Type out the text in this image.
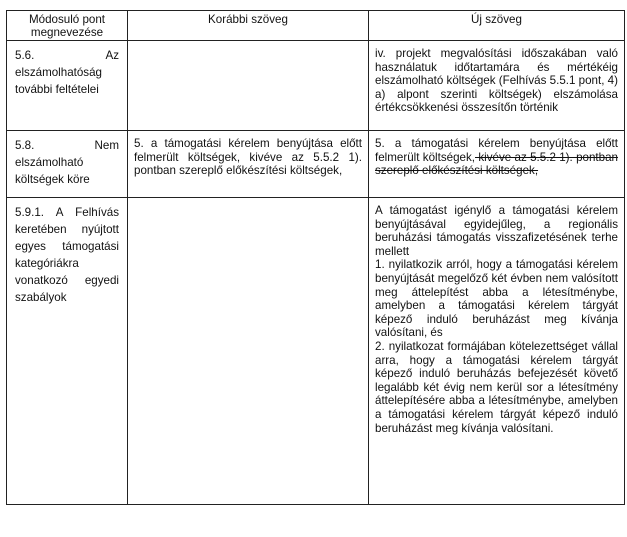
Módosuló pont megnevezése	Korábbi szöveg	Új szöveg
5.6. Az elszámolhatóság további feltételei		iv. projekt megvalósítási időszakában való használatuk időtartamára és mértékéig elszámolható költségek (Felhívás 5.5.1 pont, 4) a) alpont szerinti költségek) elszámolása értékcsökkenési összesítőn történik
5.8. Nem elszámolható költségek köre	5. a támogatási kérelem benyújtása előtt felmerült költségek, kivéve az 5.5.2 1). pontban szereplő előkészítési költségek,	5. a támogatási kérelem benyújtása előtt felmerült költségek, kivéve az 5.5.2 1). pontban szereplő előkészítési költségek,
5.9.1. A Felhívás keretében nyújtott egyes támogatási kategóriákra vonatkozó egyedi szabályok		A támogatást igénylő a támogatási kérelem benyújtásával egyidejűleg, a regionális beruházási támogatás visszafizetésének terhe mellett

1. nyilatkozik arról, hogy a támogatási kérelem benyújtását megelőző két évben nem valósított meg áttelepítést abba a létesítménybe, amelyben a támogatási kérelem tárgyát képező induló beruházást meg kívánja valósítani, és

2. nyilatkozat formájában kötelezettséget vállal arra, hogy a támogatási kérelem tárgyát képező induló beruházás befejezését követő legalább két évig nem kerül sor a létesítmény áttelepítésére abba a létesítménybe, amelyben a támogatási kérelem tárgyát képező induló beruházást meg kívánja valósítani.
